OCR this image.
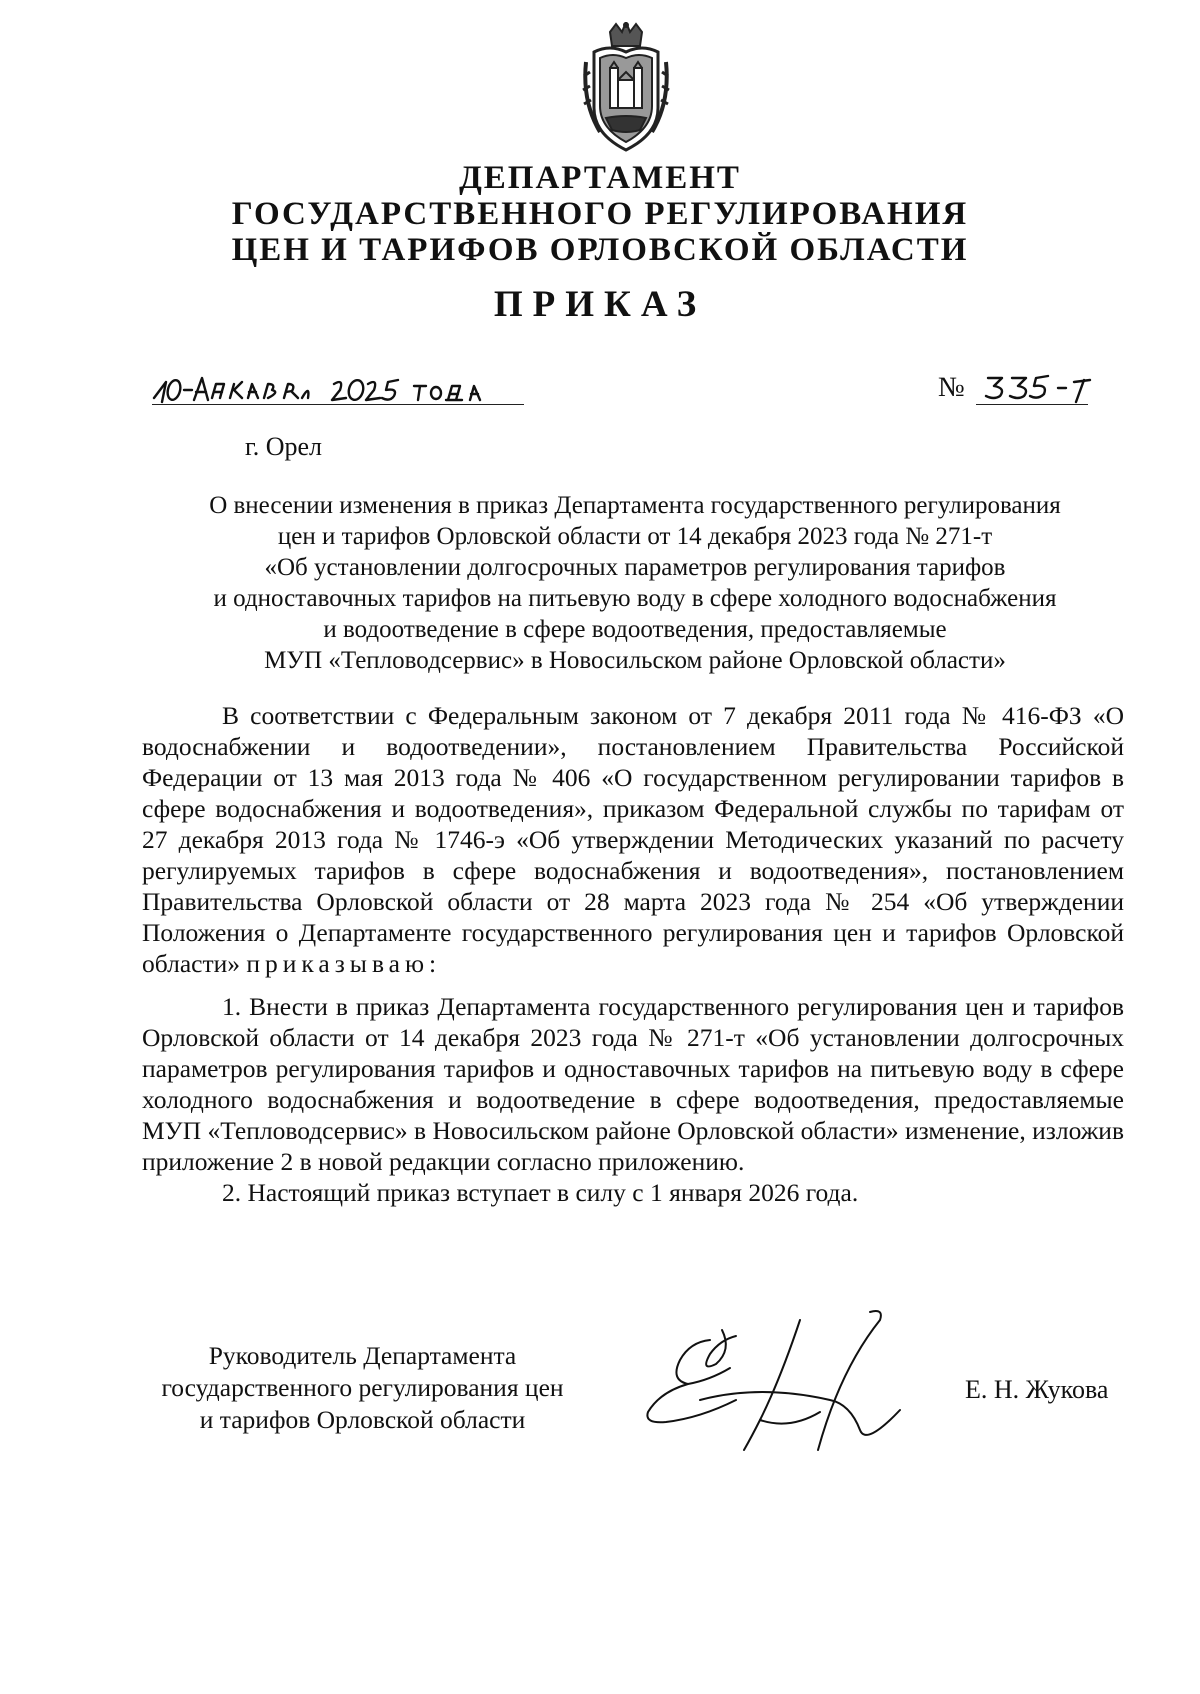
ДЕПАРТАМЕНТ
ГОСУДАРСТВЕННОГО РЕГУЛИРОВАНИЯ
ЦЕН И ТАРИФОВ ОРЛОВСКОЙ ОБЛАСТИ
ПРИКАЗ
№
г. Орел
О внесении изменения в приказ Департамента государственного регулирования
цен и тарифов Орловской области от 14 декабря 2023 года № 271-т
«Об установлении долгосрочных параметров регулирования тарифов
и одноставочных тарифов на питьевую воду в сфере холодного водоснабжения
и водоотведение в сфере водоотведения, предоставляемые
МУП «Тепловодсервис» в Новосильском районе Орловской области»

В соответствии с Федеральным законом от 7 декабря 2011 года № 416-ФЗ «О водоснабжении и водоотведении», постановлением Правительства Российской Федерации от 13 мая 2013 года № 406 «О государственном регулировании тарифов в сфере водоснабжения и водоотведения», приказом Федеральной службы по тарифам от 27 декабря 2013 года № 1746-э «Об утверждении Методических указаний по расчету регулируемых тарифов в сфере водоснабжения и водоотведения», постановлением Правительства Орловской области от 28 марта 2023 года № 254 «Об утверждении Положения о Департаменте государственного регулирования цен и тарифов Орловской области» приказываю:

1. Внести в приказ Департамента государственного регулирования цен и тарифов Орловской области от 14 декабря 2023 года № 271-т «Об установлении долгосрочных параметров регулирования тарифов и одноставочных тарифов на питьевую воду в сфере холодного водоснабжения и водоотведение в сфере водоотведения, предоставляемые МУП «Тепловодсервис» в Новосильском районе Орловской области» изменение, изложив приложение 2 в новой редакции согласно приложению.

2. Настоящий приказ вступает в силу с 1 января 2026 года.

Руководитель Департамента
государственного регулирования цен
и тарифов Орловской области
Е. Н. Жукова
